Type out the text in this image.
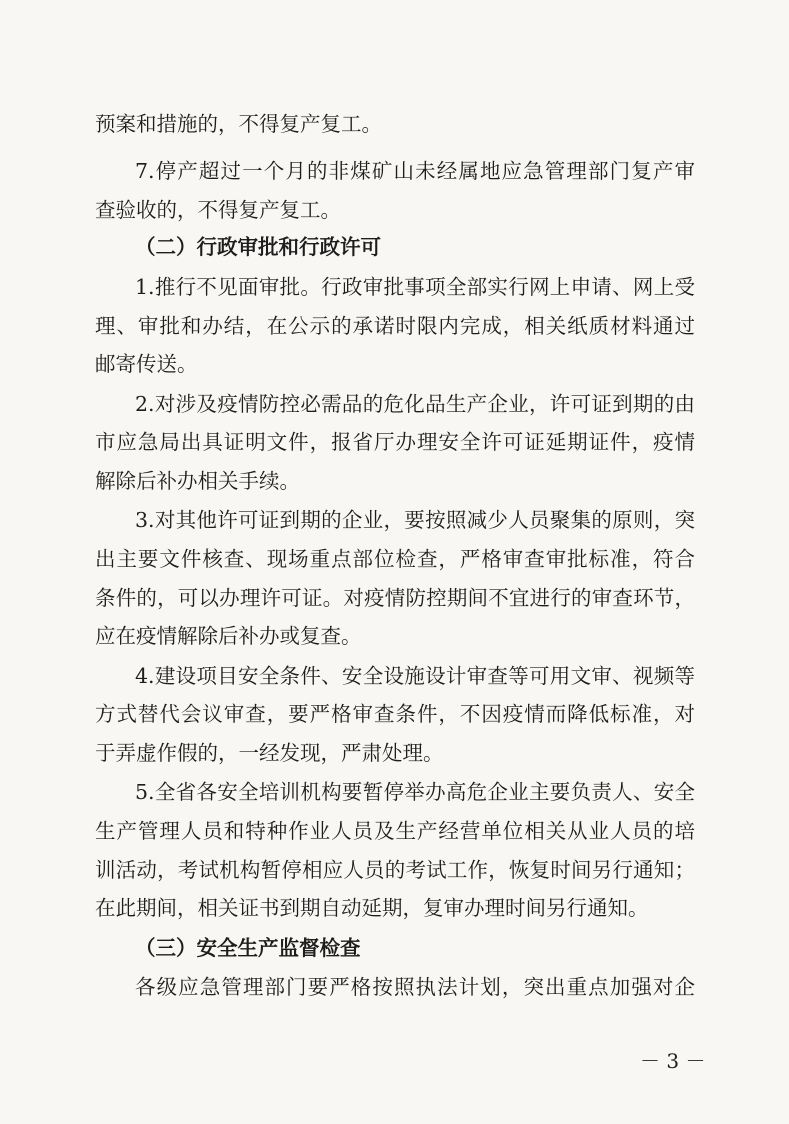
预案和措施的，不得复产复工。
7.停产超过一个月的非煤矿山未经属地应急管理部门复产审
查验收的，不得复产复工。
（二）行政审批和行政许可
1.推行不见面审批。行政审批事项全部实行网上申请、网上受
理、审批和办结，在公示的承诺时限内完成，相关纸质材料通过
邮寄传送。
2.对涉及疫情防控必需品的危化品生产企业，许可证到期的由
市应急局出具证明文件，报省厅办理安全许可证延期证件，疫情
解除后补办相关手续。
3.对其他许可证到期的企业，要按照减少人员聚集的原则，突
出主要文件核查、现场重点部位检查，严格审查审批标准，符合
条件的，可以办理许可证。对疫情防控期间不宜进行的审查环节，
应在疫情解除后补办或复查。
4.建设项目安全条件、安全设施设计审查等可用文审、视频等
方式替代会议审查，要严格审查条件，不因疫情而降低标准，对
于弄虚作假的，一经发现，严肃处理。
5.全省各安全培训机构要暂停举办高危企业主要负责人、安全
生产管理人员和特种作业人员及生产经营单位相关从业人员的培
训活动，考试机构暂停相应人员的考试工作，恢复时间另行通知；
在此期间，相关证书到期自动延期，复审办理时间另行通知。
（三）安全生产监督检查
各级应急管理部门要严格按照执法计划，突出重点加强对企
－ 3 －
